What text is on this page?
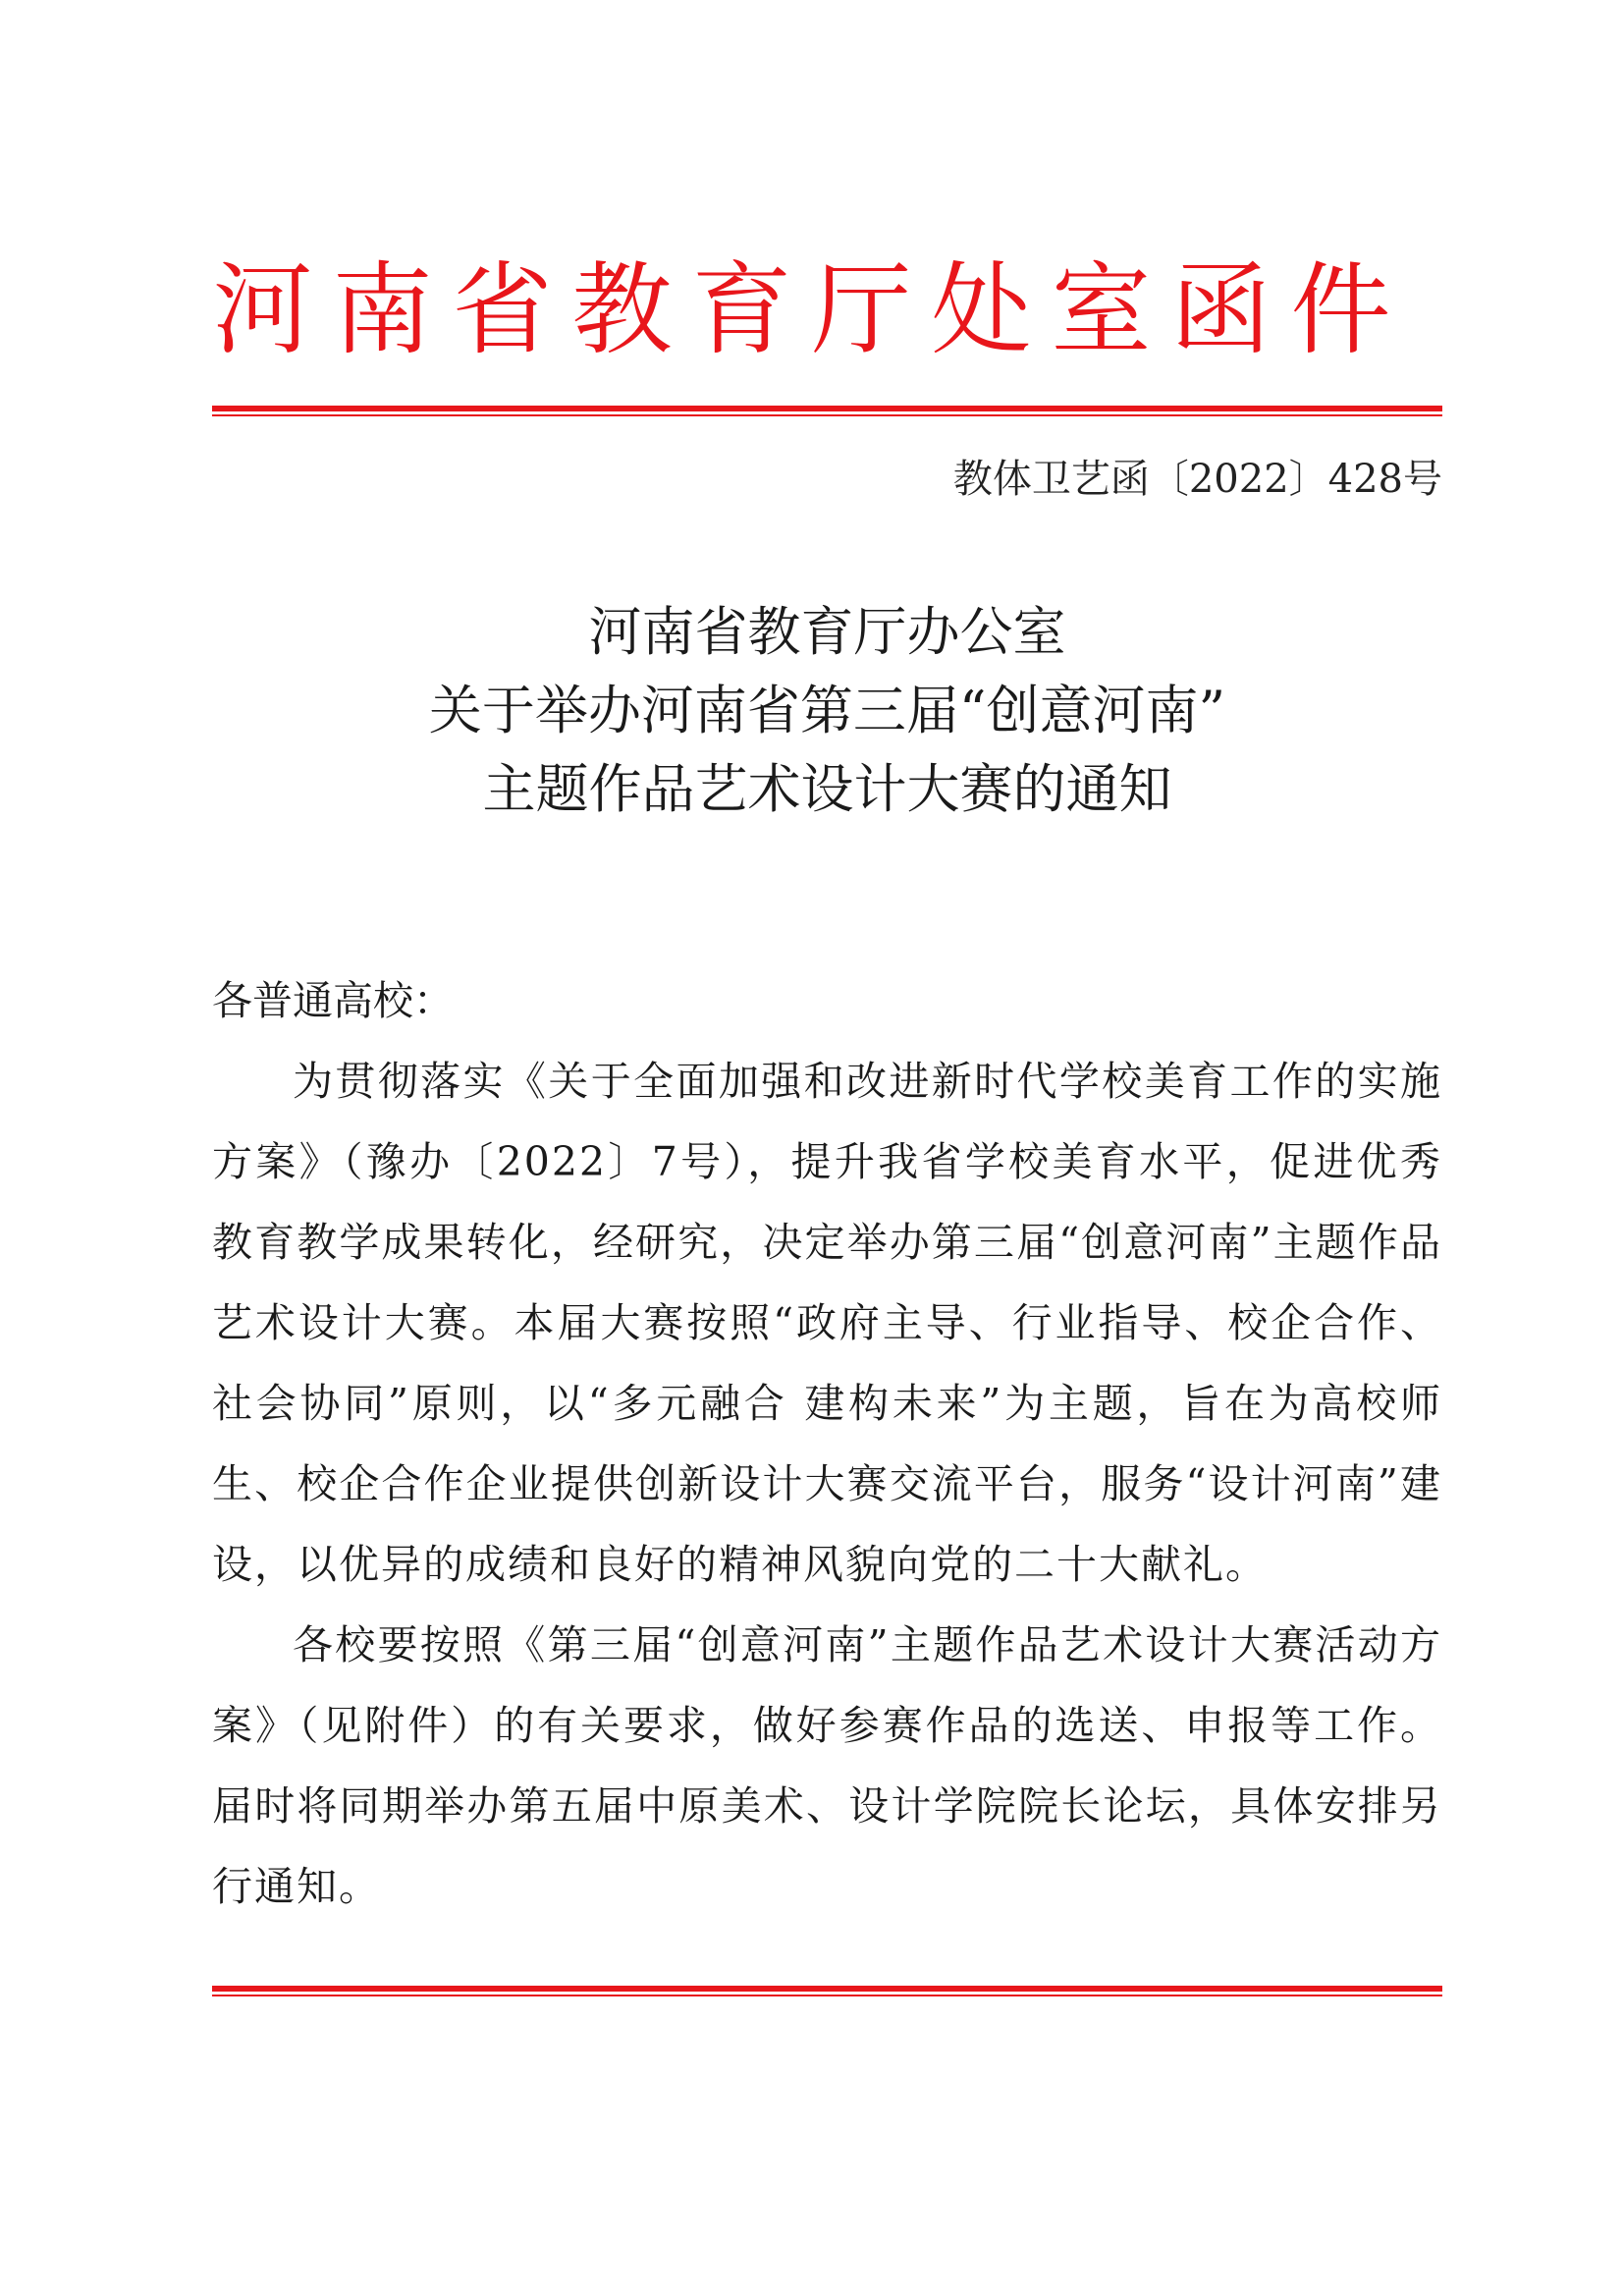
河南省教育厅处室函件
教体卫艺函〔2022〕428号
河南省教育厅办公室
关于举办河南省第三届“创意河南”
主题作品艺术设计大赛的通知

各普通高校：

为贯彻落实《关于全面加强和改进新时代学校美育工作的实施方案》（豫办〔2022〕7号），提升我省学校美育水平，促进优秀教育教学成果转化，经研究，决定举办第三届“创意河南”主题作品艺术设计大赛。本届大赛按照“政府主导、行业指导、校企合作、社会协同”原则，以“多元融合 建构未来”为主题，旨在为高校师生、校企合作企业提供创新设计大赛交流平台，服务“设计河南”建设，以优异的成绩和良好的精神风貌向党的二十大献礼。

各校要按照《第三届“创意河南”主题作品艺术设计大赛活动方案》（见附件）的有关要求，做好参赛作品的选送、申报等工作。届时将同期举办第五届中原美术、设计学院院长论坛，具体安排另行通知。
